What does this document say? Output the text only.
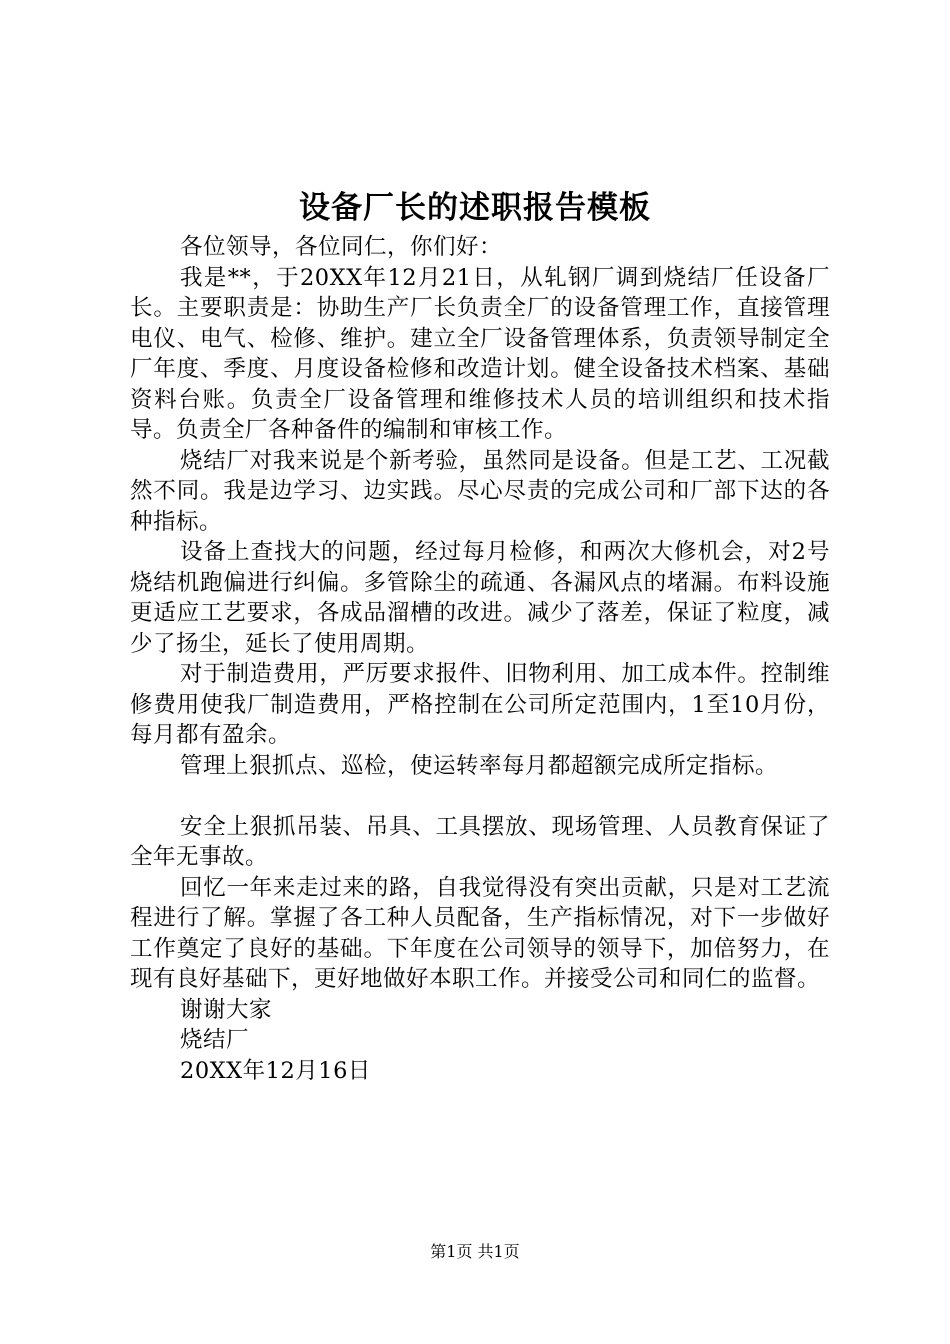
设备厂长的述职报告模板

各位领导，各位同仁，你们好：

我是**，于20XX年12月21日，从轧钢厂调到烧结厂任设备厂长。主要职责是：协助生产厂长负责全厂的设备管理工作，直接管理电仪、电气、检修、维护。建立全厂设备管理体系，负责领导制定全厂年度、季度、月度设备检修和改造计划。健全设备技术档案、基础资料台账。负责全厂设备管理和维修技术人员的培训组织和技术指导。负责全厂各种备件的编制和审核工作。

烧结厂对我来说是个新考验，虽然同是设备。但是工艺、工况截然不同。我是边学习、边实践。尽心尽责的完成公司和厂部下达的各种指标。

设备上查找大的问题，经过每月检修，和两次大修机会，对2号烧结机跑偏进行纠偏。多管除尘的疏通、各漏风点的堵漏。布料设施更适应工艺要求，各成品溜槽的改进。减少了落差，保证了粒度，减少了扬尘，延长了使用周期。

对于制造费用，严厉要求报件、旧物利用、加工成本件。控制维修费用使我厂制造费用，严格控制在公司所定范围内，1至10月份，每月都有盈余。

管理上狠抓点、巡检，使运转率每月都超额完成所定指标。

安全上狠抓吊装、吊具、工具摆放、现场管理、人员教育保证了全年无事故。

回忆一年来走过来的路，自我觉得没有突出贡献，只是对工艺流程进行了解。掌握了各工种人员配备，生产指标情况，对下一步做好工作奠定了良好的基础。下年度在公司领导的领导下，加倍努力，在现有良好基础下，更好地做好本职工作。并接受公司和同仁的监督。

谢谢大家

烧结厂

20XX年12月16日

第1页 共1页
